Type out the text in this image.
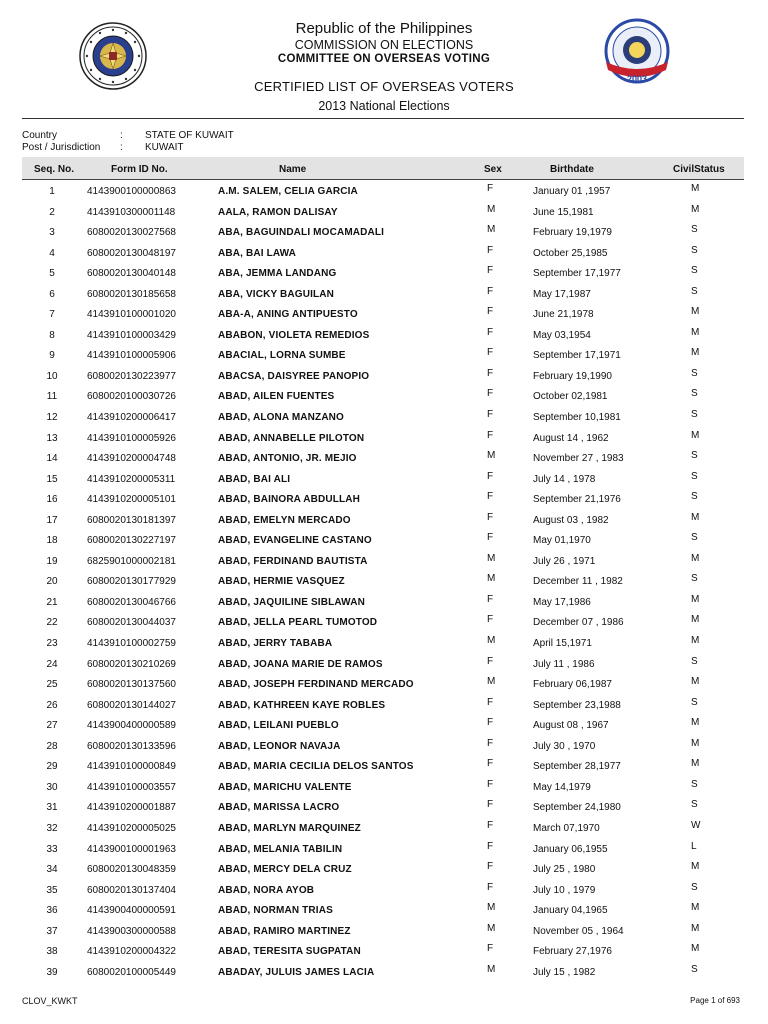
2003
Republic of the Philippines
COMMISSION ON ELECTIONS
COMMITTEE ON OVERSEAS VOTING
CERTIFIED LIST OF OVERSEAS VOTERS
2013 National Elections
Country	: STATE OF KUWAIT
Post / Jurisdiction : KUWAIT
Seq. No.	Form ID No.	Name	Sex	Birthdate	CivilStatus
1	4143900100000863	A.M. SALEM, CELIA GARCIA	F	January 01 ,1957	M
2	4143910300001148	AALA, RAMON DALISAY	M	June 15,1981	M
3	6080020130027568	ABA, BAGUINDALI MOCAMADALI	M	February 19,1979	S
4	6080020130048197	ABA, BAI LAWA	F	October 25,1985	S
5	6080020130040148	ABA, JEMMA LANDANG	F	September 17,1977	S
6	6080020130185658	ABA, VICKY BAGUILAN	F	May 17,1987	S
7	4143910100001020	ABA-A, ANING ANTIPUESTO	F	June 21,1978	M
8	4143910100003429	ABABON, VIOLETA REMEDIOS	F	May 03,1954	M
9	4143910100005906	ABACIAL, LORNA SUMBE	F	September 17,1971	M
10	6080020130223977	ABACSA, DAISYREE PANOPIO	F	February 19,1990	S
11	6080020100030726	ABAD, AILEN FUENTES	F	October 02,1981	S
12	4143910200006417	ABAD, ALONA MANZANO	F	September 10,1981	S
13	4143910100005926	ABAD, ANNABELLE PILOTON	F	August 14 , 1962	M
14	4143910200004748	ABAD, ANTONIO, JR. MEJIO	M	November 27 , 1983	S
15	4143910200005311	ABAD, BAI ALI	F	July 14 , 1978	S
16	4143910200005101	ABAD, BAINORA ABDULLAH	F	September 21,1976	S
17	6080020130181397	ABAD, EMELYN MERCADO	F	August 03 , 1982	M
18	6080020130227197	ABAD, EVANGELINE CASTANO	F	May 01,1970	S
19	6825901000002181	ABAD, FERDINAND BAUTISTA	M	July 26 , 1971	M
20	6080020130177929	ABAD, HERMIE VASQUEZ	M	December 11 , 1982	S
21	6080020130046766	ABAD, JAQUILINE SIBLAWAN	F	May 17,1986	M
22	6080020130044037	ABAD, JELLA PEARL TUMOTOD	F	December 07 , 1986	M
23	4143910100002759	ABAD, JERRY TABABA	M	April 15,1971	M
24	6080020130210269	ABAD, JOANA MARIE DE RAMOS	F	July 11 , 1986	S
25	6080020130137560	ABAD, JOSEPH FERDINAND MERCADO	M	February 06,1987	M
26	6080020130144027	ABAD, KATHREEN KAYE ROBLES	F	September 23,1988	S
27	4143900400000589	ABAD, LEILANI PUEBLO	F	August 08 , 1967	M
28	6080020130133596	ABAD, LEONOR NAVAJA	F	July 30 , 1970	M
29	4143910100000849	ABAD, MARIA CECILIA DELOS SANTOS	F	September 28,1977	M
30	4143910100003557	ABAD, MARICHU VALENTE	F	May 14,1979	S
31	4143910200001887	ABAD, MARISSA LACRO	F	September 24,1980	S
32	4143910200005025	ABAD, MARLYN MARQUINEZ	F	March 07,1970	W
33	4143900100001963	ABAD, MELANIA TABILIN	F	January 06,1955	L
34	6080020130048359	ABAD, MERCY DELA CRUZ	F	July 25 , 1980	M
35	6080020130137404	ABAD, NORA AYOB	F	July 10 , 1979	S
36	4143900400000591	ABAD, NORMAN TRIAS	M	January 04,1965	M
37	4143900300000588	ABAD, RAMIRO MARTINEZ	M	November 05 , 1964	M
38	4143910200004322	ABAD, TERESITA SUGPATAN	F	February 27,1976	M
39	6080020100005449	ABADAY, JULUIS JAMES LACIA	M	July 15 , 1982	S
CLOV_KWKT	Page 1 of 693
